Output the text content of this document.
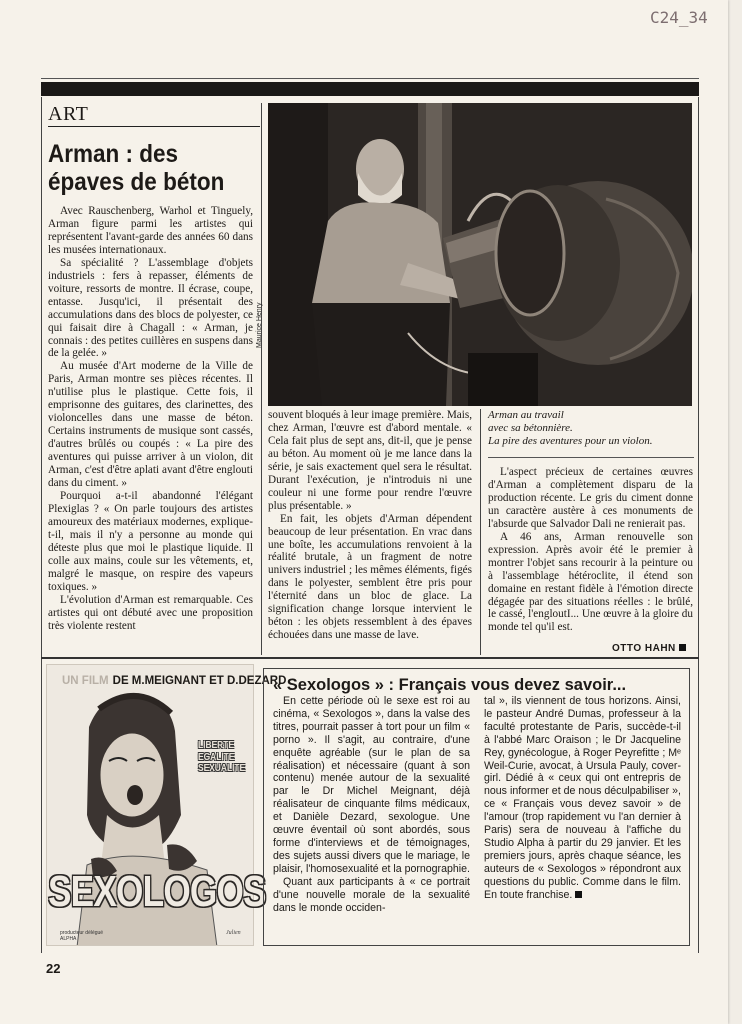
C24_34
ART
Arman : des épaves de béton

Avec Rauschenberg, Warhol et Tinguely, Arman figure parmi les artistes qui représentent l'avant-garde des années 60 dans les musées internationaux.

Sa spécialité ? L'assemblage d'objets industriels : fers à repasser, éléments de voiture, ressorts de montre. Il écrase, coupe, entasse. Jusqu'ici, il présentait des accumulations dans des blocs de polyester, ce qui faisait dire à Chagall : « Arman, je connais : des petites cuillères en suspens dans de la gelée. »

Au musée d'Art moderne de la Ville de Paris, Arman montre ses pièces récentes. Il n'utilise plus le plastique. Cette fois, il emprisonne des guitares, des clarinettes, des violoncelles dans une masse de béton. Certains instruments de musique sont cassés, d'autres brûlés ou coupés : « La pire des aventures qui puisse arriver à un violon, dit Arman, c'est d'être aplati avant d'être englouti dans du ciment. »

Pourquoi a-t-il abandonné l'élégant Plexiglas ? « On parle toujours des artistes amoureux des matériaux modernes, explique-t-il, mais il n'y a personne au monde qui déteste plus que moi le plastique liquide. Il colle aux mains, coule sur les vêtements, et, malgré le masque, on respire des vapeurs toxiques. »

L'évolution d'Arman est remarquable. Ces artistes qui ont débuté avec une proposition très violente restent

Maurice Henry

souvent bloqués à leur image première. Mais, chez Arman, l'œuvre est d'abord mentale. « Cela fait plus de sept ans, dit-il, que je pense au béton. Au moment où je me lance dans la série, je sais exactement quel sera le résultat. Durant l'exécution, je n'introduis ni une couleur ni une forme pour rendre l'œuvre plus présentable. »

En fait, les objets d'Arman dépendent beaucoup de leur présentation. En vrac dans une boîte, les accumulations renvoient à la réalité brutale, à un fragment de notre univers industriel ; les mêmes éléments, figés dans le polyester, semblent être pris pour l'éternité dans un bloc de glace. La signification change lorsque intervient le béton : les objets ressemblent à des épaves échouées dans une masse de lave.

Arman au travail
avec sa bétonnière.
La pire des aventures pour un violon.

L'aspect précieux de certaines œuvres d'Arman a complètement disparu de la production récente. Le gris du ciment donne un caractère austère à ces monuments de l'absurde que Salvador Dali ne renierait pas.

A 46 ans, Arman renouvelle son expression. Après avoir été le premier à montrer l'objet sans recourir à la peinture ou à l'assemblage hétéroclite, il étend son domaine en restant fidèle à l'émotion directe dégagée par des situations réelles : le brûlé, le cassé, l'engloutI... Une œuvre à la gloire du monde tel qu'il est.

OTTO HAHN
UN FILM DE M.MEIGNANT ET D.DEZARD
LIBERTE
EGALITE
SEXUALITE
SEXOLOGOS
producteur délégué
ALPHA
Julien
« Sexologos » : Français vous devez savoir...

En cette période où le sexe est roi au cinéma, « Sexologos », dans la valse des titres, pourrait passer à tort pour un film « porno ». Il s'agit, au contraire, d'une enquête agréable (sur le plan de sa réalisation) et nécessaire (quant à son contenu) menée autour de la sexualité par le Dr Michel Meignant, déjà réalisateur de cinquante films médicaux, et Danièle Dezard, sexologue. Une œuvre éventail où sont abordés, sous forme d'interviews et de témoignages, des sujets aussi divers que le mariage, le plaisir, l'homosexualité et la pornographie.

Quant aux participants à « ce portrait d'une nouvelle morale de la sexualité dans le monde occiden-

tal », ils viennent de tous horizons. Ainsi, le pasteur André Dumas, professeur à la faculté protestante de Paris, succède-t-il à l'abbé Marc Oraison ; le Dr Jacqueline Rey, gynécologue, à Roger Peyrefitte ; Mᵉ Weil-Curie, avocat, à Ursula Pauly, cover-girl. Dédié à « ceux qui ont entrepris de nous informer et de nous déculpabiliser », ce « Français vous devez savoir » de l'amour (trop rapidement vu l'an dernier à Paris) sera de nouveau à l'affiche du Studio Alpha à partir du 29 janvier. Et les premiers jours, après chaque séance, les auteurs de « Sexologos » répondront aux questions du public. Comme dans le film. En toute franchise.

22
